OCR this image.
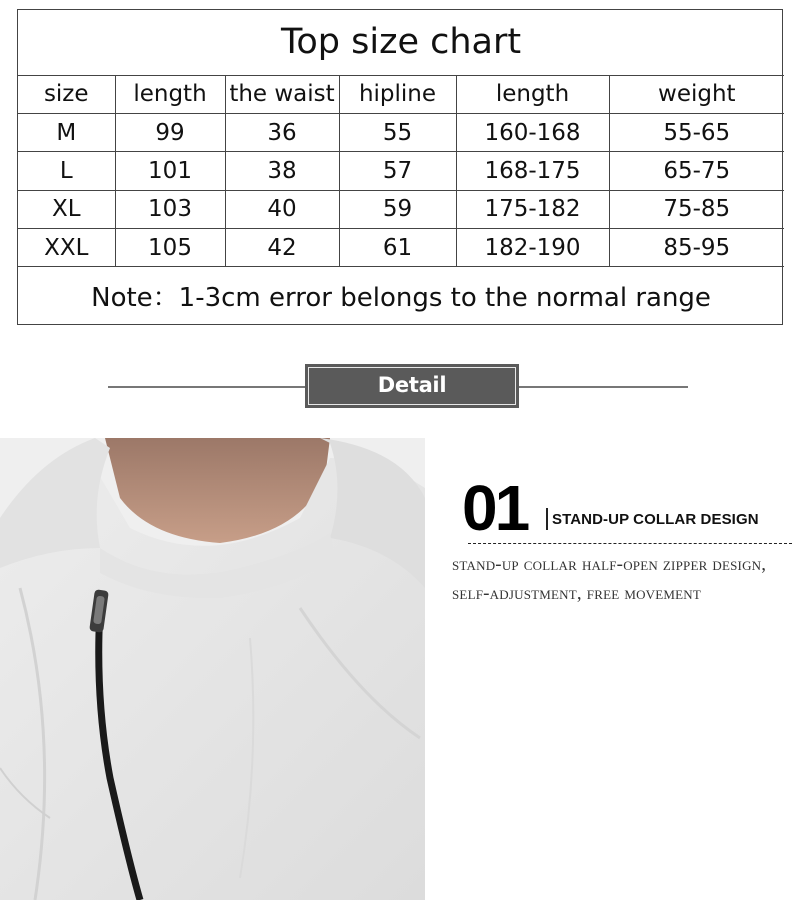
Top size chart					
size	length	the waist	hipline	length	weight
M	99	36	55	160-168	55-65
L	101	38	57	168-175	65-75
XL	103	40	59	175-182	75-85
XXL	105	42	61	182-190	85-95
Note：1-3cm error belongs to the normal range					
Detail presentation
01 STAND-UP COLLAR DESIGN
stand-up collar half-open zipper design, self-adjustment, free movement
